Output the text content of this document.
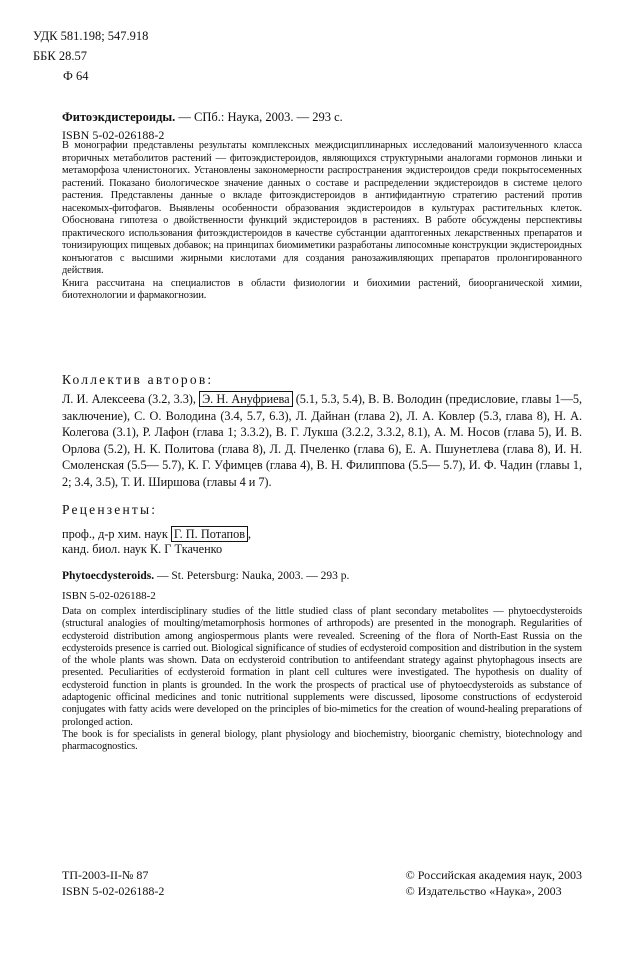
УДК 581.198; 547.918
ББК 28.57
Ф 64
Фитоэкдистероиды. — СПб.: Наука, 2003. — 293 с.
ISBN 5-02-026188-2

В монографии представлены результаты комплексных междисциплинарных исследований малоизученного класса вторичных метаболитов растений — фитоэкдистероидов, являющихся структурными аналогами гормонов линьки и метаморфоза членистоногих. Установлены закономерности распространения экдистероидов среди покрытосеменных растений. Показано биологическое значение данных о составе и распределении экдистероидов в системе целого растения. Представлены данные о вкладе фитоэкдистероидов в антифидантную стратегию растений против насекомых-фитофагов. Выявлены особенности образования экдистероидов в культурах растительных клеток. Обоснована гипотеза о двойственности функций экдистероидов в растениях. В работе обсуждены перспективы практического использования фитоэкдистероидов в качестве субстанции адаптогенных лекарственных препаратов и тонизирующих пищевых добавок; на принципах биомиметики разработаны липосомные конструкции экдистероидных конъюгатов с высшими жирными кислотами для создания ранозаживляющих препаратов пролонгированного действия.

Книга рассчитана на специалистов в области физиологии и биохимии растений, биоорганической химии, биотехнологии и фармакогнозии.

Коллектив авторов:
Л. И. Алексеева (3.2, 3.3), Э. Н. Ануфриева (5.1, 5.3, 5.4), В. В. Володин (предисловие, главы 1—5, заключение), С. О. Володина (3.4, 5.7, 6.3), Л. Дайнан (глава 2), Л. А. Ковлер (5.3, глава 8), Н. А. Колегова (3.1), Р. Лафон (глава 1; 3.3.2), В. Г. Лукша (3.2.2, 3.3.2, 8.1), А. М. Носов (глава 5), И. В. Орлова (5.2), Н. К. Политова (глава 8), Л. Д. Пчеленко (глава 6), Е. А. Пшунетлева (глава 8), И. Н. Смоленская (5.5— 5.7), К. Г. Уфимцев (глава 4), В. Н. Филиппова (5.5— 5.7), И. Ф. Чадин (главы 1, 2; 3.4, 3.5), Т. И. Ширшова (главы 4 и 7).
Рецензенты:
проф., д-р хим. наук Г. П. Потапов ,
канд. биол. наук К. Г Ткаченко
Phytoecdysteroids. — St. Petersburg: Nauka, 2003. — 293 p.
ISBN 5-02-026188-2

Data on complex interdisciplinary studies of the little studied class of plant secondary metabolites — phytoecdysteroids (structural analogies of moulting/metamorphosis hormones of arthropods) are presented in the monograph. Regularities of ecdysteroid distribution among angiospermous plants were revealed. Screening of the flora of North-East Russia on the ecdysteroids presence is carried out. Biological significance of studies of ecdysteroid composition and distribution in the system of the whole plants was shown. Data on ecdysteroid contribution to antifeendant strategy against phytophagous insects are presented. Peculiarities of ecdysteroid formation in plant cell cultures were investigated. The hypothesis on duality of ecdysteroid function in plants is grounded. In the work the prospects of practical use of phytoecdysteroids as substance of adaptogenic officinal medicines and tonic nutritional supplements were discussed, liposome constructions of ecdysteroid conjugates with fatty acids were developed on the principles of bio-mimetics for the creation of wound-healing preparations of prolonged action.

The book is for specialists in general biology, plant physiology and biochemistry, bioorganic chemistry, biotechnology and pharmacognostics.

ТП-2003-II-№ 87
ISBN 5-02-026188-2
© Российская академия наук, 2003
© Издательство «Наука», 2003
